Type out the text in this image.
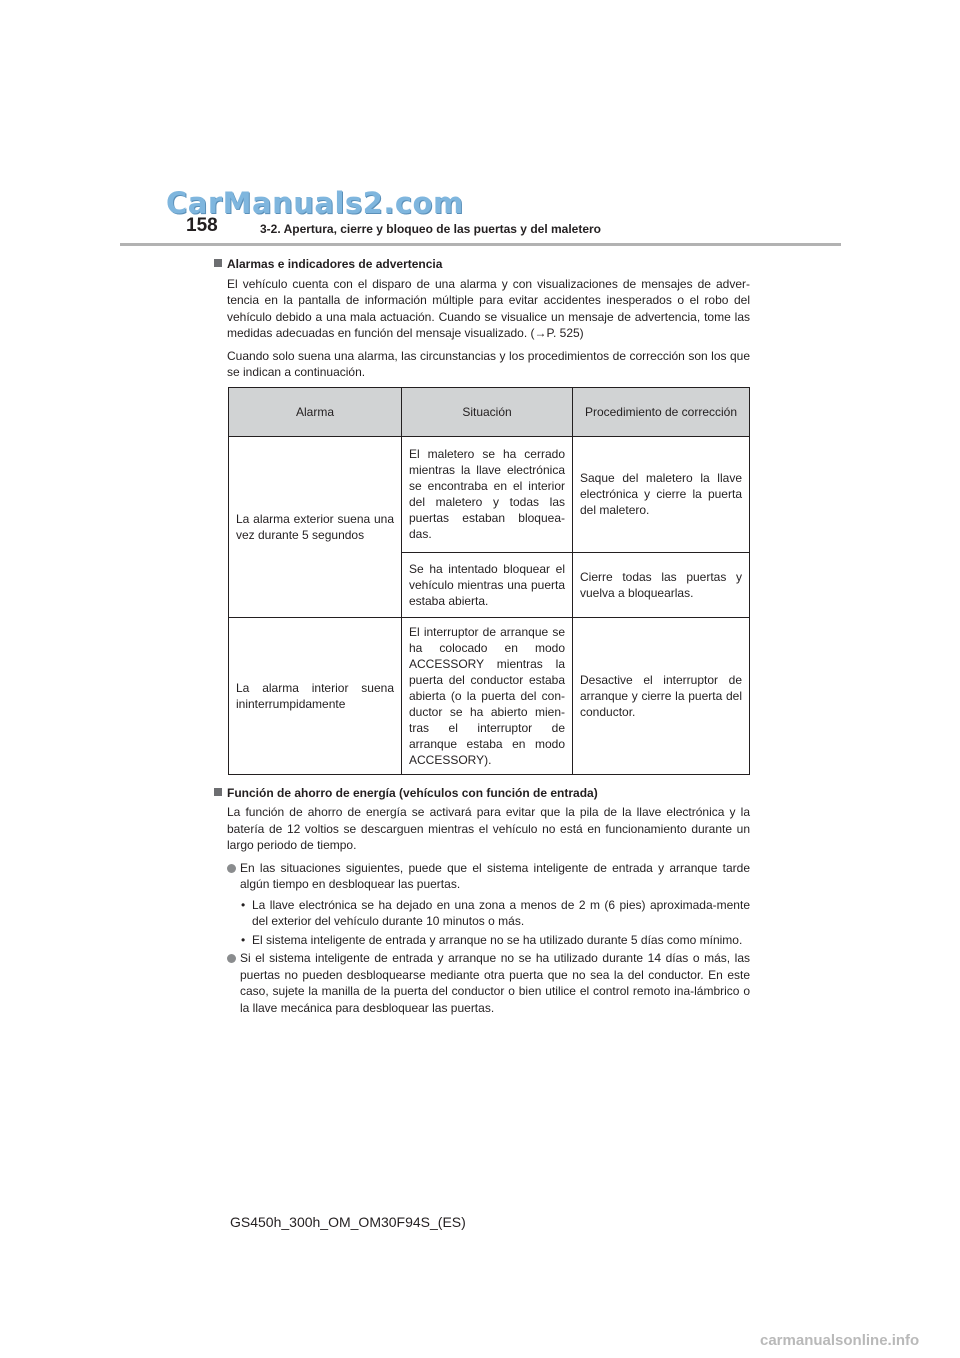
CarManuals2.com
158	3-2. Apertura, cierre y bloqueo de las puertas y del maletero
Alarmas e indicadores de advertencia

El vehículo cuenta con el disparo de una alarma y con visualizaciones de mensajes de adver-tencia en la pantalla de información múltiple para evitar accidentes inesperados o el robo del vehículo debido a una mala actuación. Cuando se visualice un mensaje de advertencia, tome las medidas adecuadas en función del mensaje visualizado. (→P. 525)

Cuando solo suena una alarma, las circunstancias y los procedimientos de corrección son los que se indican a continuación.

Alarma	Situación	Procedimiento de corrección
La alarma exterior suena una vez durante 5 segundos	El maletero se ha cerrado mientras la llave electrónica se encontraba en el interior del maletero y todas las puertas estaban bloquea-das.	Saque del maletero la llave electrónica y cierre la puerta del maletero.
	Se ha intentado bloquear el vehículo mientras una puerta estaba abierta.	Cierre todas las puertas y vuelva a bloquearlas.
La alarma interior suena ininterrumpidamente	El interruptor de arranque se ha colocado en modo ACCESSORY mientras la puerta del conductor estaba abierta (o la puerta del con-ductor se ha abierto mien-tras el interruptor de arranque estaba en modo ACCESSORY).	Desactive el interruptor de arranque y cierre la puerta del conductor.
Función de ahorro de energía (vehículos con función de entrada)

La función de ahorro de energía se activará para evitar que la pila de la llave electrónica y la batería de 12 voltios se descarguen mientras el vehículo no está en funcionamiento durante un largo periodo de tiempo.

En las situaciones siguientes, puede que el sistema inteligente de entrada y arranque tarde algún tiempo en desbloquear las puertas.
• La llave electrónica se ha dejado en una zona a menos de 2 m (6 pies) aproximada-mente del exterior del vehículo durante 10 minutos o más.
• El sistema inteligente de entrada y arranque no se ha utilizado durante 5 días como mínimo.
Si el sistema inteligente de entrada y arranque no se ha utilizado durante 14 días o más, las puertas no pueden desbloquearse mediante otra puerta que no sea la del conductor. En este caso, sujete la manilla de la puerta del conductor o bien utilice el control remoto ina-lámbrico o la llave mecánica para desbloquear las puertas.
GS450h_300h_OM_OM30F94S_(ES)
carmanualsonline.info
